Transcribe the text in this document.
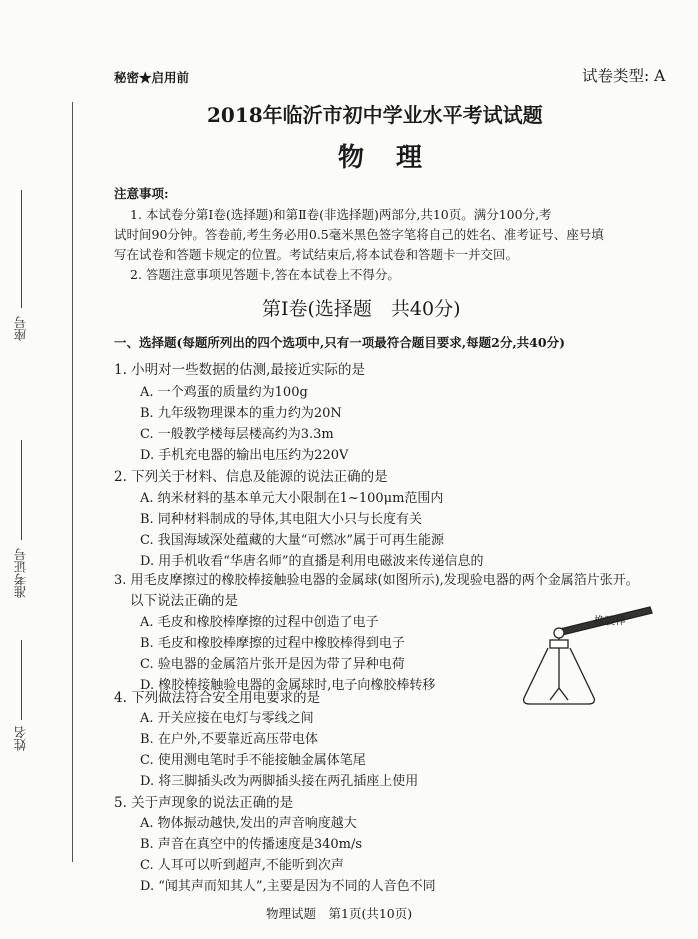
座号
准考证号
姓名
秘密★启用前	试卷类型: A
2018年临沂市初中学业水平考试试题
物　理
注意事项:
1. 本试卷分第Ⅰ卷(选择题)和第Ⅱ卷(非选择题)两部分,共10页。满分100分,考
试时间90分钟。答卷前,考生务必用0.5毫米黑色签字笔将自己的姓名、准考证号、座号填
写在试卷和答题卡规定的位置。考试结束后,将本试卷和答题卡一并交回。
2. 答题注意事项见答题卡,答在本试卷上不得分。
第Ⅰ卷(选择题　共40分)
一、选择题(每题所列出的四个选项中,只有一项最符合题目要求,每题2分,共40分)
1. 小明对一些数据的估测,最接近实际的是
A. 一个鸡蛋的质量约为100g
B. 九年级物理课本的重力约为20N
C. 一般教学楼每层楼高约为3.3m
D. 手机充电器的输出电压约为220V
2. 下列关于材料、信息及能源的说法正确的是
A. 纳米材料的基本单元大小限制在1~100μm范围内
B. 同种材料制成的导体,其电阻大小只与长度有关
C. 我国海域深处蕴藏的大量“可燃冰”属于可再生能源
D. 用手机收看“华唐名师”的直播是利用电磁波来传递信息的
3. 用毛皮摩擦过的橡胶棒接触验电器的金属球(如图所示),发现验电器的两个金属箔片张开。
以下说法正确的是
A. 毛皮和橡胶棒摩擦的过程中创造了电子
B. 毛皮和橡胶棒摩擦的过程中橡胶棒得到电子
C. 验电器的金属箔片张开是因为带了异种电荷
D. 橡胶棒接触验电器的金属球时,电子向橡胶棒转移
橡胶棒
4. 下列做法符合安全用电要求的是
A. 开关应接在电灯与零线之间
B. 在户外,不要靠近高压带电体
C. 使用测电笔时手不能接触金属体笔尾
D. 将三脚插头改为两脚插头接在两孔插座上使用
5. 关于声现象的说法正确的是
A. 物体振动越快,发出的声音响度越大
B. 声音在真空中的传播速度是340m/s
C. 人耳可以听到超声,不能听到次声
D. “闻其声而知其人”,主要是因为不同的人音色不同
物理试题　第1页(共10页)
